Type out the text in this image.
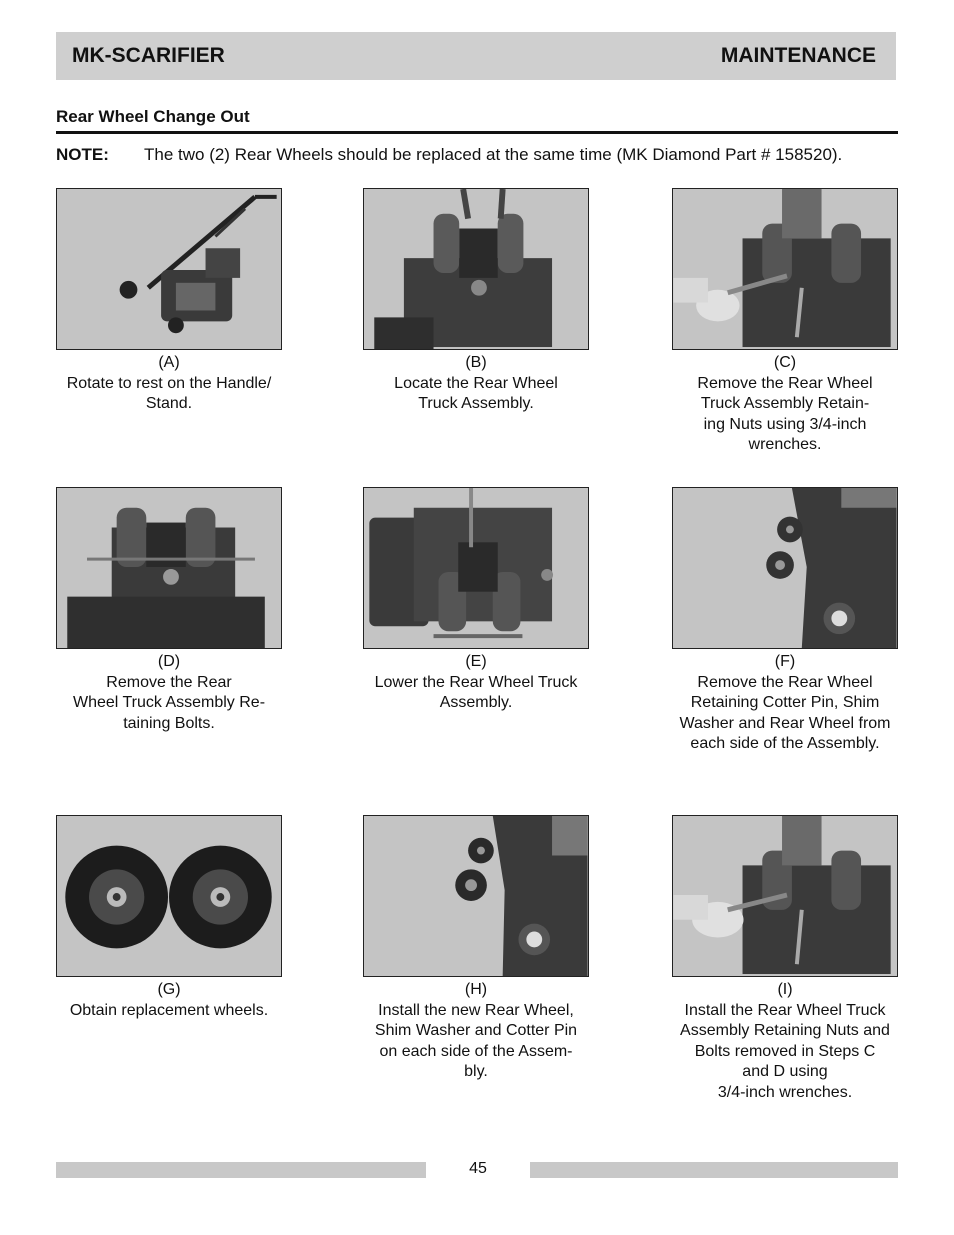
MK-SCARIFIER	MAINTENANCE
Rear Wheel Change Out
NOTE: The two (2) Rear Wheels should be replaced at the same time (MK Diamond Part # 158520).
(A)
Rotate to rest on the Handle/
Stand.
(B)
Locate the Rear Wheel
Truck Assembly.
(C)
Remove the Rear Wheel
Truck Assembly Retain-
ing Nuts using 3/4-inch
wrenches.
(D)
Remove the Rear
Wheel Truck Assembly Re-
taining Bolts.
(E)
Lower the Rear Wheel Truck
Assembly.
(F)
Remove the Rear Wheel
Retaining Cotter Pin, Shim
Washer and Rear Wheel from
each side of the Assembly.
(G)
Obtain replacement wheels.
(H)
Install the new Rear Wheel,
Shim Washer and Cotter Pin
on each side of the Assem-
bly.
(I)
Install the Rear Wheel Truck
Assembly Retaining Nuts and
Bolts removed in Steps C
and D using
3/4-inch wrenches.
45
